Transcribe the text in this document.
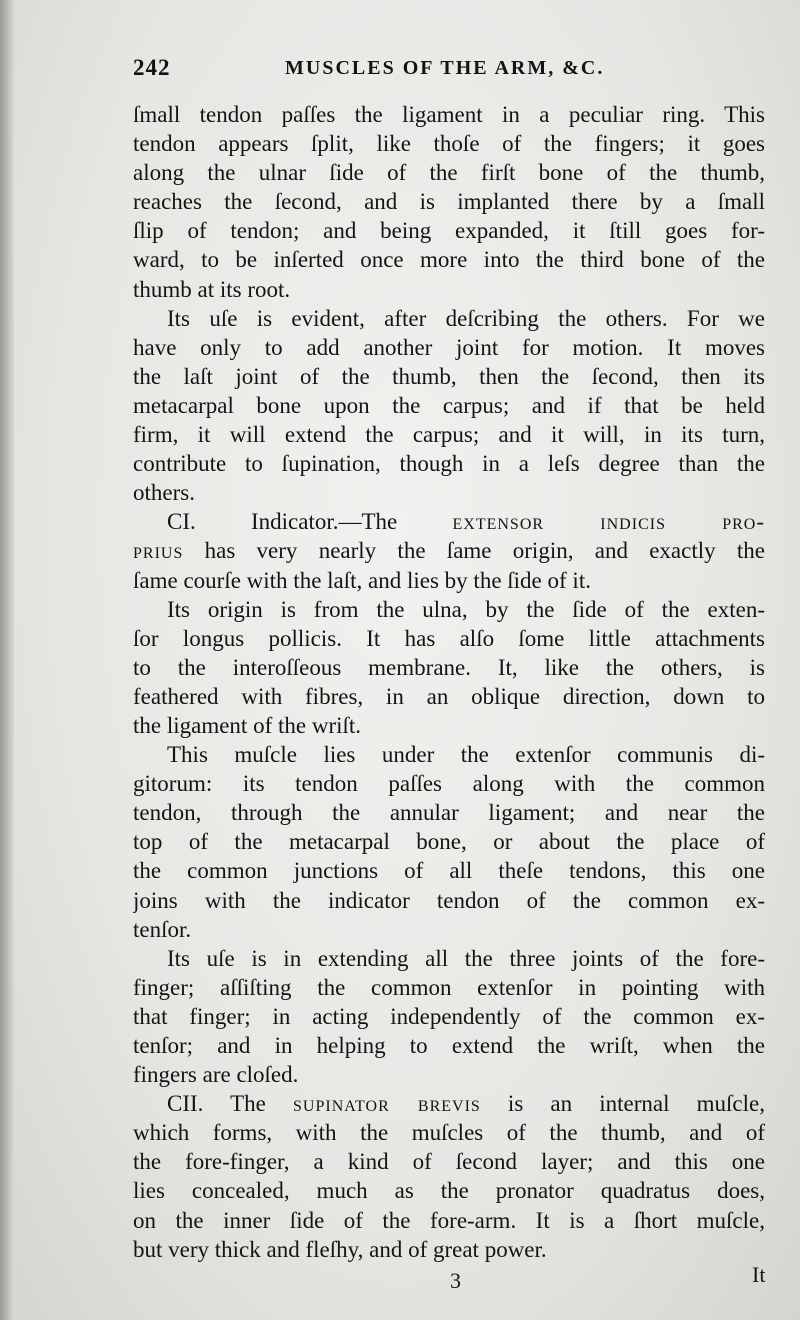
242	MUSCLES OF THE ARM, &C.
ſmall tendon paſſes the ligament in a peculiar ring. This
tendon appears ſplit, like thoſe of the fingers; it goes
along the ulnar ſide of the firſt bone of the thumb,
reaches the ſecond, and is implanted there by a ſmall
ſlip of tendon; and being expanded, it ſtill goes for-
ward, to be inſerted once more into the third bone of the
thumb at its root.
Its uſe is evident, after deſcribing the others. For we
have only to add another joint for motion. It moves
the laſt joint of the thumb, then the ſecond, then its
metacarpal bone upon the carpus; and if that be held
firm, it will extend the carpus; and it will, in its turn,
contribute to ſupination, though in a leſs degree than the
others.
CI. Indicator.—The extensor indicis pro-
prius has very nearly the ſame origin, and exactly the
ſame courſe with the laſt, and lies by the ſide of it.
Its origin is from the ulna, by the ſide of the exten-
ſor longus pollicis. It has alſo ſome little attachments
to the interoſſeous membrane. It, like the others, is
feathered with fibres, in an oblique direction, down to
the ligament of the wriſt.
This muſcle lies under the extenſor communis di-
gitorum: its tendon paſſes along with the common
tendon, through the annular ligament; and near the
top of the metacarpal bone, or about the place of
the common junctions of all theſe tendons, this one
joins with the indicator tendon of the common ex-
tenſor.
Its uſe is in extending all the three joints of the fore-
finger; aſſiſting the common extenſor in pointing with
that finger; in acting independently of the common ex-
tenſor; and in helping to extend the wriſt, when the
fingers are cloſed.
CII. The supinator brevis is an internal muſcle,
which forms, with the muſcles of the thumb, and of
the fore-finger, a kind of ſecond layer; and this one
lies concealed, much as the pronator quadratus does,
on the inner ſide of the fore-arm. It is a ſhort muſcle,
but very thick and fleſhy, and of great power.
3	It
